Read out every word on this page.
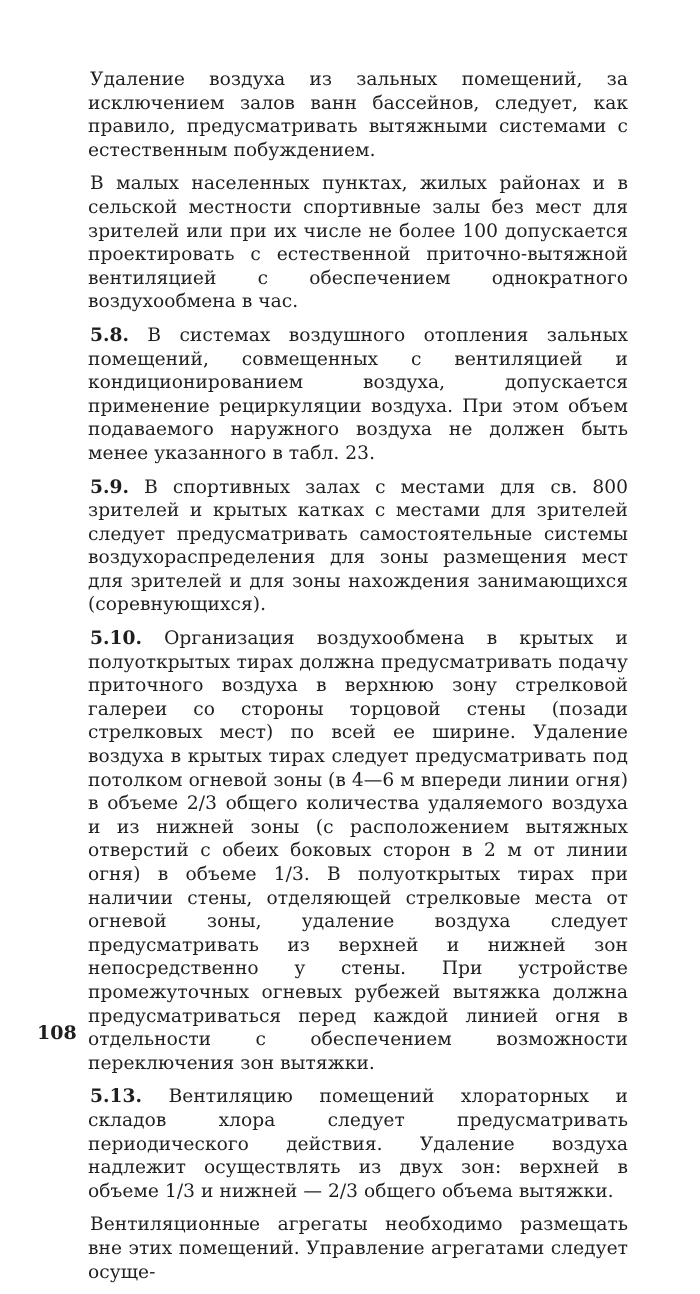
Удаление воздуха из зальных помещений, за исключением залов ванн бассейнов, следует, как правило, предусматривать вытяжными системами с естественным побуждением.

В малых населенных пунктах, жилых районах и в сельской местности спортивные залы без мест для зрителей или при их числе не более 100 допускается проектировать с естественной приточно-вытяжной вентиляцией с обеспечением однократного воздухообмена в час.

5.8. В системах воздушного отопления зальных помещений, совмещенных с вентиляцией и кондиционированием воздуха, допускается применение рециркуляции воздуха. При этом объем подаваемого наружного воздуха не должен быть менее указанного в табл. 23.

5.9. В спортивных залах с местами для св. 800 зрителей и крытых катках с местами для зрителей следует предусматривать самостоятельные системы воздухораспределения для зоны размещения мест для зрителей и для зоны нахождения занимающихся (соревнующихся).

5.10. Организация воздухообмена в крытых и полуоткрытых тирах должна предусматривать подачу приточного воздуха в верхнюю зону стрелковой галереи со стороны торцовой стены (позади стрелковых мест) по всей ее ширине. Удаление воздуха в крытых тирах следует предусматривать под потолком огневой зоны (в 4—6 м впереди линии огня) в объеме 2/3 общего количества удаляемого воздуха и из нижней зоны (с расположением вытяжных отверстий с обеих боковых сторон в 2 м от линии огня) в объеме 1/3. В полуоткрытых тирах при наличии стены, отделяющей стрелковые места от огневой зоны, удаление воздуха следует предусматривать из верхней и нижней зон непосредственно у стены. При устройстве промежуточных огневых рубежей вытяжка должна предусматриваться перед каждой линией огня в отдельности с обеспечением возможности переключения зон вытяжки.

5.13. Вентиляцию помещений хлораторных и складов хлора следует предусматривать периодического действия. Удаление воздуха надлежит осуществлять из двух зон: верхней в объеме 1/3 и нижней — 2/3 общего объема вытяжки.

Вентиляционные агрегаты необходимо размещать вне этих помещений. Управление агрегатами следует осуще-

108
